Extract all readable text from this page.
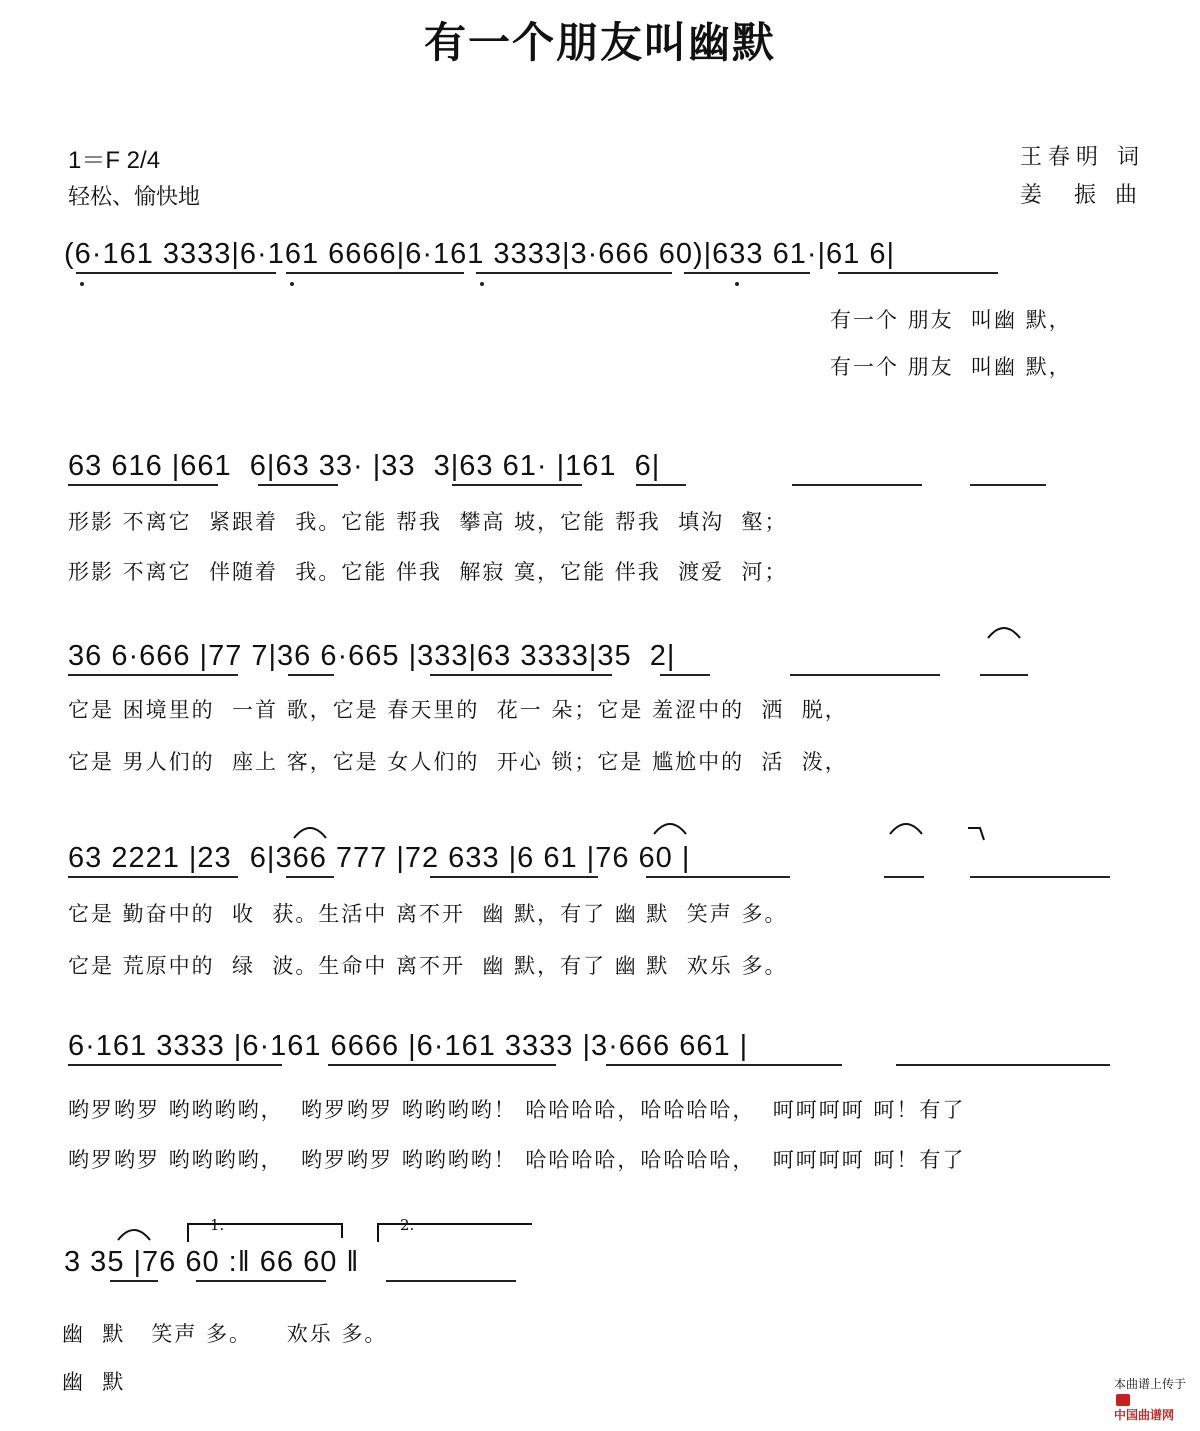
有一个朋友叫幽默
1＝F 2/4
轻松、愉快地
王春明 词
姜  振 曲
(6·161 3333|6·161 6666|6·161 3333|3·666 60)|633 61·|61 6|
有一个 朋友  叫幽 默，
有一个 朋友  叫幽 默，
63 616 |661  6|63 33· |33  3|63 61· |161  6|
形影 不离它  紧跟着  我。它能 帮我  攀高 坡，它能 帮我  填沟  壑；
形影 不离它  伴随着  我。它能 伴我  解寂 寞，它能 伴我  渡爱  河；
36 6·666 |77 7|36 6·665 |333|63 3333|35  2|
它是 困境里的  一首 歌，它是 春天里的  花一 朵；它是 羞涩中的  洒  脱，
它是 男人们的  座上 客，它是 女人们的  开心 锁；它是 尴尬中的  活  泼，
63 2221 |23  6|366 777 |72 633 |6 61 |76 60 |
它是 勤奋中的  收  获。生活中 离不开  幽 默，有了 幽 默  笑声 多。
它是 荒原中的  绿  波。生命中 离不开  幽 默，有了 幽 默  欢乐 多。
6·161 3333 |6·161 6666 |6·161 3333 |3·666 661 |
哟罗哟罗 哟哟哟哟，  哟罗哟罗 哟哟哟哟！ 哈哈哈哈，哈哈哈哈，  呵呵呵呵 呵！有了
哟罗哟罗 哟哟哟哟，  哟罗哟罗 哟哟哟哟！ 哈哈哈哈，哈哈哈哈，  呵呵呵呵 呵！有了
1.	2.
3 35 |76 60 :‖ 66 60 ‖
幽  默   笑声 多。    欢乐 多。
幽  默	本曲谱上传于

中国曲谱网
